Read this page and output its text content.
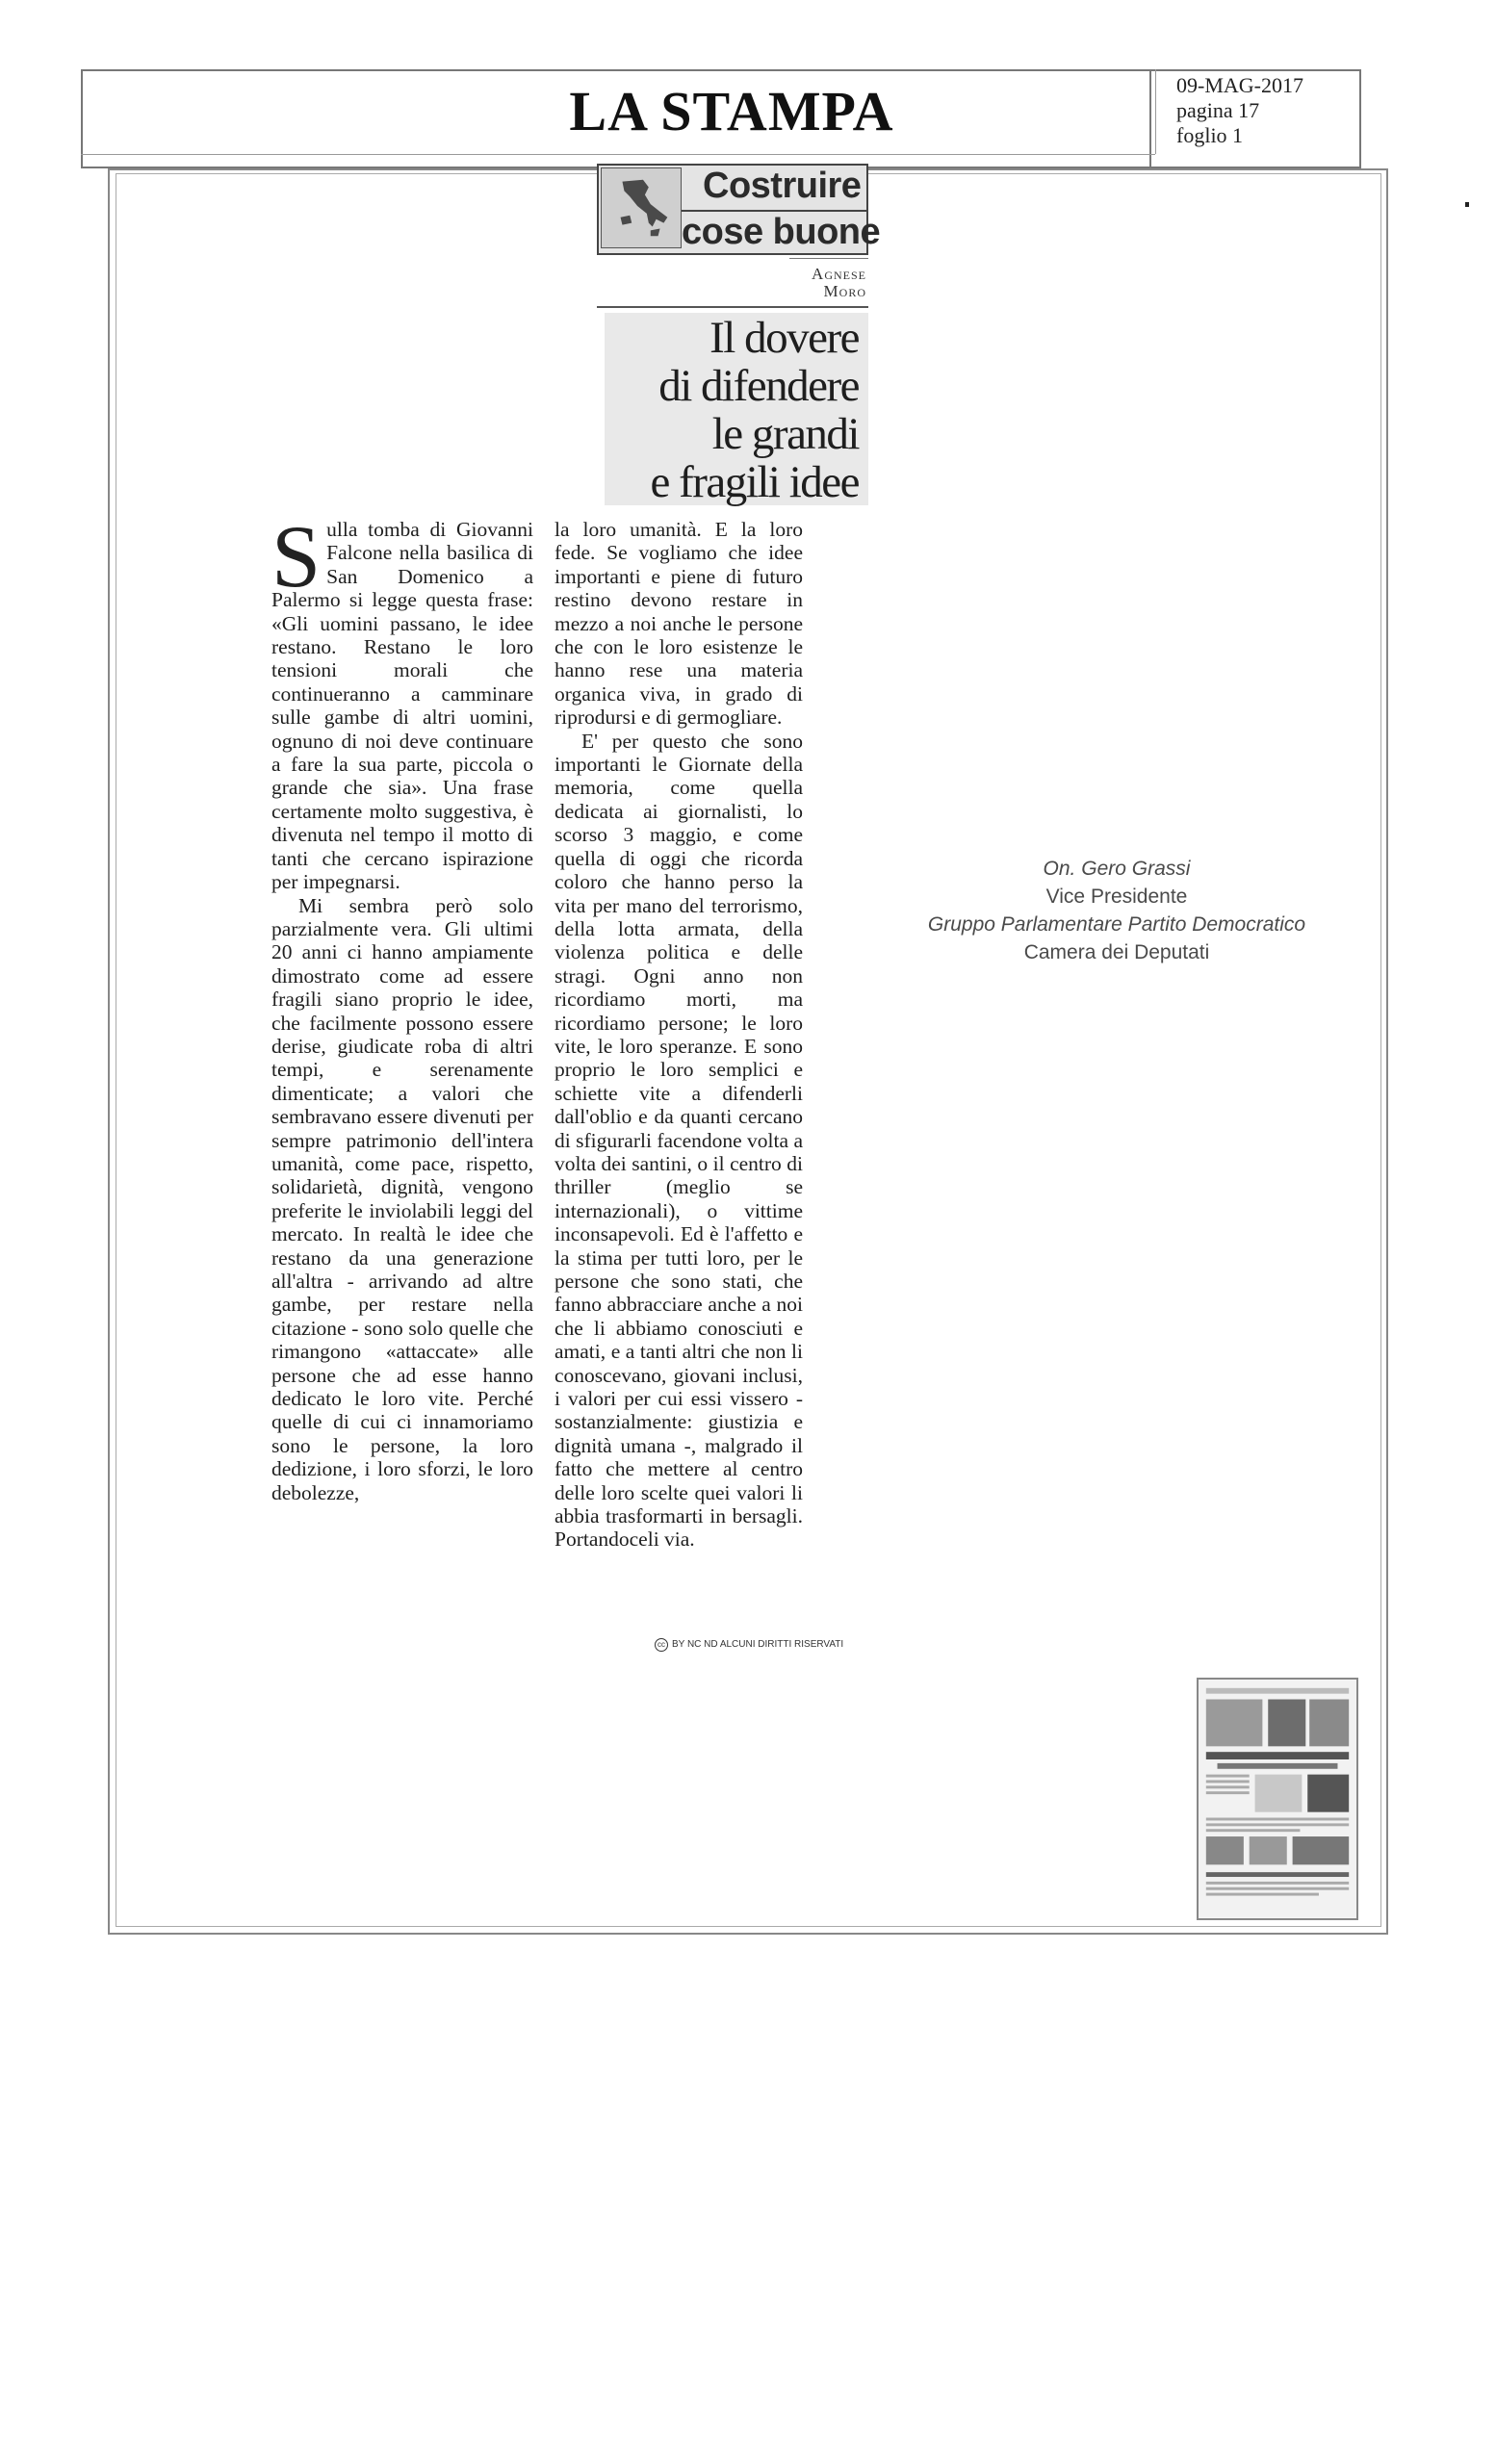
LA STAMPA	09-MAG-2017
pagina 17
foglio 1
Costruire
cose buone
Agnese
Moro
Il dovere
di difendere
le grandi
e fragili idee

Sulla tomba di Giovanni Falcone nella basilica di San Domenico a Palermo si legge questa frase: «Gli uomini passano, le idee restano. Restano le loro tensioni morali che continueranno a camminare sulle gambe di altri uomini, ognuno di noi deve continuare a fare la sua parte, piccola o grande che sia». Una frase certamente molto suggestiva, è divenuta nel tempo il motto di tanti che cercano ispirazione per impegnarsi.

Mi sembra però solo parzialmente vera. Gli ultimi 20 anni ci hanno ampiamente dimostrato come ad essere fragili siano proprio le idee, che facilmente possono essere derise, giudicate roba di altri tempi, e serenamente dimenticate; a valori che sembravano essere divenuti per sempre patrimonio dell'intera umanità, come pace, rispetto, solidarietà, dignità, vengono preferite le inviolabili leggi del mercato. In realtà le idee che restano da una generazione all'altra - arrivando ad altre gambe, per restare nella citazione - sono solo quelle che rimangono «attaccate» alle persone che ad esse hanno dedicato le loro vite. Perché quelle di cui ci innamoriamo sono le persone, la loro dedizione, i loro sforzi, le loro debolezze,

la loro umanità. E la loro fede. Se vogliamo che idee importanti e piene di futuro restino devono restare in mezzo a noi anche le persone che con le loro esistenze le hanno rese una materia organica viva, in grado di riprodursi e di germogliare.

E' per questo che sono importanti le Giornate della memoria, come quella dedicata ai giornalisti, lo scorso 3 maggio, e come quella di oggi che ricorda coloro che hanno perso la vita per mano del terrorismo, della lotta armata, della violenza politica e delle stragi. Ogni anno non ricordiamo morti, ma ricordiamo persone; le loro vite, le loro speranze. E sono proprio le loro semplici e schiette vite a difenderli dall'oblio e da quanti cercano di sfigurarli facendone volta a volta dei santini, o il centro di thriller (meglio se internazionali), o vittime inconsapevoli. Ed è l'affetto e la stima per tutti loro, per le persone che sono stati, che fanno abbracciare anche a noi che li abbiamo conosciuti e amati, e a tanti altri che non li conoscevano, giovani inclusi, i valori per cui essi vissero - sostanzialmente: giustizia e dignità umana -, malgrado il fatto che mettere al centro delle loro scelte quei valori li abbia trasformarti in bersagli. Portandoceli via.

cc BY NC ND ALCUNI DIRITTI RISERVATI
On. Gero Grassi
Vice Presidente
Gruppo Parlamentare Partito Democratico
Camera dei Deputati
